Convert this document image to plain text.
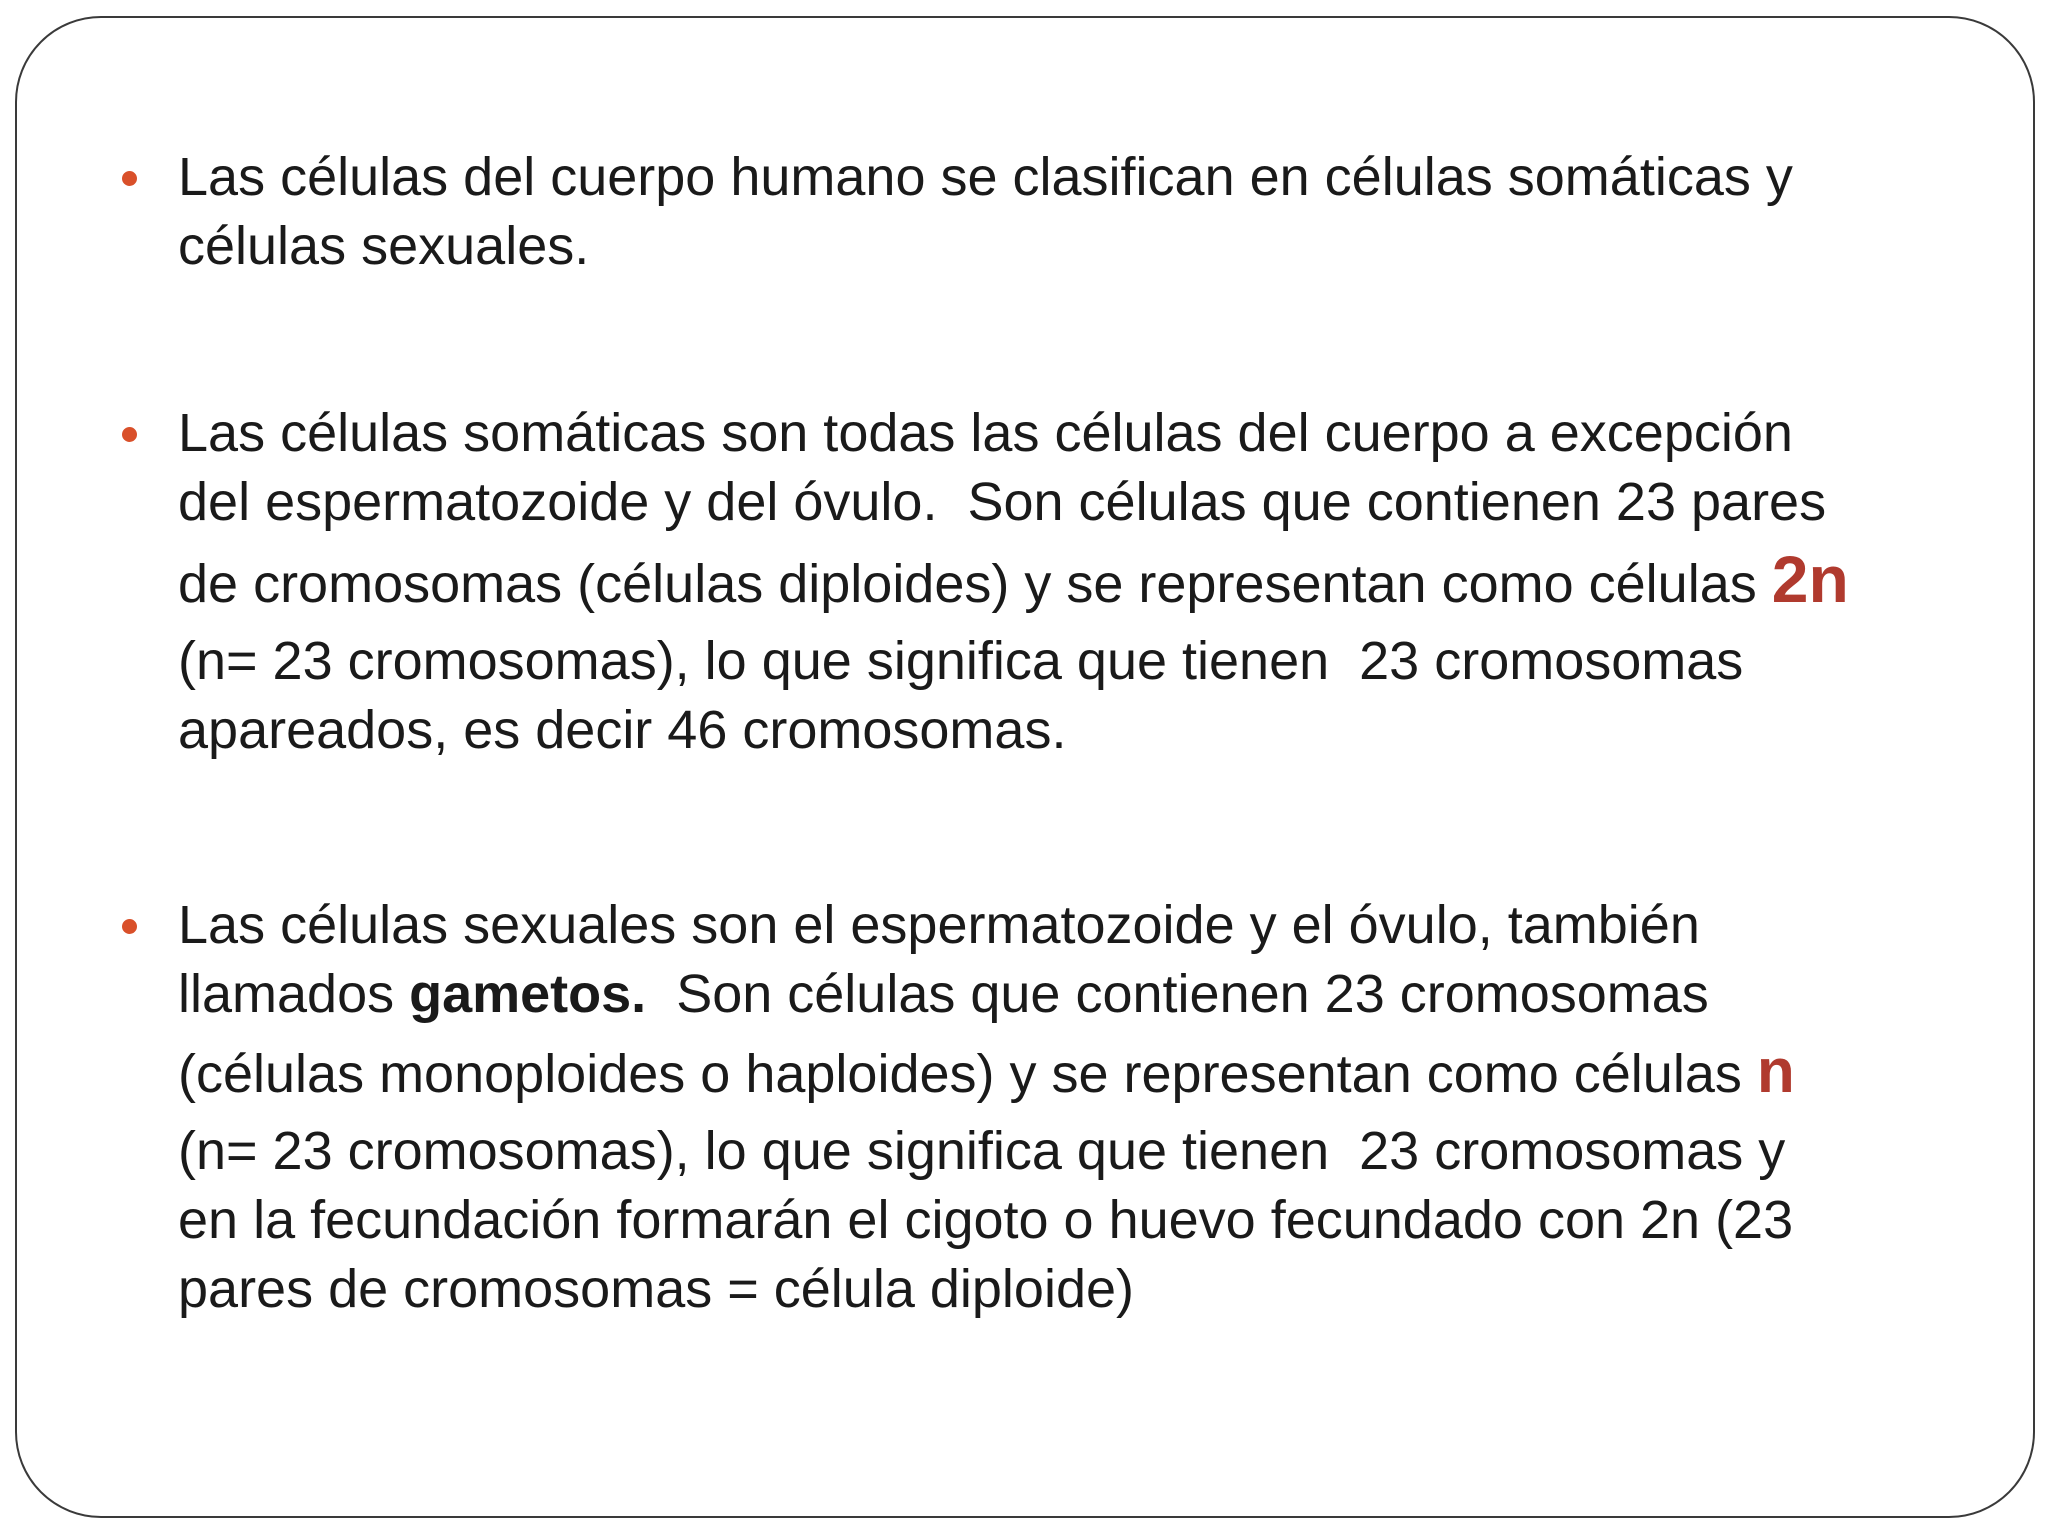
Las células del cuerpo humano se clasifican en células somáticas y
células sexuales.
Las células somáticas son todas las células del cuerpo a excepción
del espermatozoide y del óvulo.  Son células que contienen 23 pares
de cromosomas (células diploides) y se representan como células 2n
(n= 23 cromosomas), lo que significa que tienen  23 cromosomas
apareados, es decir 46 cromosomas.
Las células sexuales son el espermatozoide y el óvulo, también
llamados gametos.  Son células que contienen 23 cromosomas
(células monoploides o haploides) y se representan como células n
(n= 23 cromosomas), lo que significa que tienen  23 cromosomas y
en la fecundación formarán el cigoto o huevo fecundado con 2n (23
pares de cromosomas = célula diploide)
